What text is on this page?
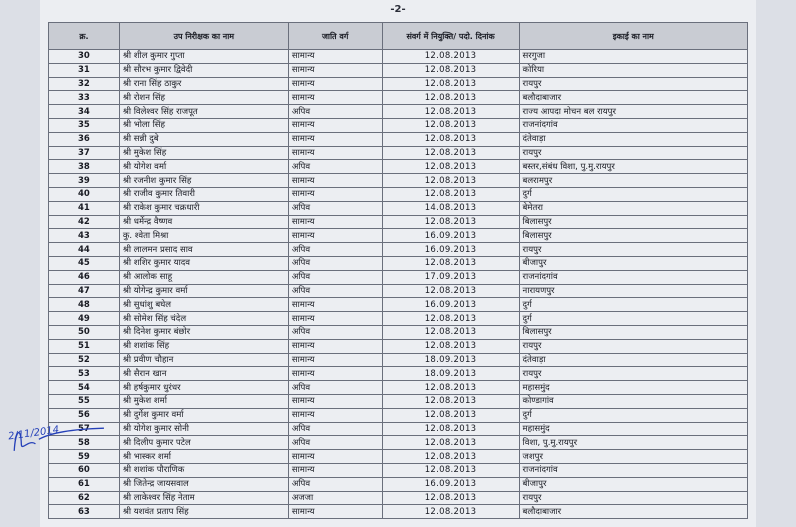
-2-
क्र.	उप निरीक्षक का नाम	जाति वर्ग	संवर्ग में नियुक्ति/ पदो. दिनांक	इकाई का नाम
30	श्री शील कुमार गुप्ता	सामान्य	12.08.2013	सरगुजा
31	श्री सौरभ कुमार द्विवेदी	सामान्य	12.08.2013	कोरिया
32	श्री राना सिंह ठाकुर	सामान्य	12.08.2013	रायपुर
33	श्री रोशन सिंह	सामान्य	12.08.2013	बलौदाबाजार
34	श्री विलेश्वर सिंह राजपूत	अपिव	12.08.2013	राज्य आपदा मोचन बल रायपुर
35	श्री भोला सिंह	सामान्य	12.08.2013	राजनांदगांव
36	श्री सन्नी दुबे	सामान्य	12.08.2013	दंतेवाड़ा
37	श्री मुकेश सिंह	सामान्य	12.08.2013	रायपुर
38	श्री योगेश वर्मा	अपिव	12.08.2013	बस्तर,संबंध विशा, पु.मु.रायपुर
39	श्री रजनीश कुमार सिंह	सामान्य	12.08.2013	बलरामपुर
40	श्री राजीव कुमार तिवारी	सामान्य	12.08.2013	दुर्ग
41	श्री राकेश कुमार चक्रधारी	अपिव	14.08.2013	बेमेतरा
42	श्री धर्मेन्द्र वैष्णव	सामान्य	12.08.2013	बिलासपुर
43	कु. श्वेता मिश्रा	सामान्य	16.09.2013	बिलासपुर
44	श्री लालमन प्रसाद साव	अपिव	16.09.2013	रायपुर
45	श्री शशिर कुमार यादव	अपिव	12.08.2013	बीजापुर
46	श्री आलोक साहू	अपिव	17.09.2013	राजनांदगांव
47	श्री योगेन्द्र कुमार वर्मा	अपिव	12.08.2013	नारायणपुर
48	श्री सुधांशु बघेल	सामान्य	16.09.2013	दुर्ग
49	श्री सोमेश सिंह चंदेल	सामान्य	12.08.2013	दुर्ग
50	श्री दिनेश कुमार बंछोर	अपिव	12.08.2013	बिलासपुर
51	श्री शशांक सिंह	सामान्य	12.08.2013	रायपुर
52	श्री प्रवीण चौहान	सामान्य	18.09.2013	दंतेवाड़ा
53	श्री सैरान खान	सामान्य	18.09.2013	रायपुर
54	श्री हर्षकुमार धुरंधर	अपिव	12.08.2013	महासमुंद
55	श्री मुकेश शर्मा	सामान्य	12.08.2013	कोण्डागांव
56	श्री दुर्गेश कुमार वर्मा	सामान्य	12.08.2013	दुर्ग
57	श्री योगेश कुमार सोनी	अपिव	12.08.2013	महासमुंद
58	श्री दिलीप कुमार पटेल	अपिव	12.08.2013	विशा, पु.मु.रायपुर
59	श्री भास्कर शर्मा	सामान्य	12.08.2013	जशपुर
60	श्री शशांक पौराणिक	सामान्य	12.08.2013	राजनांदगांव
61	श्री जितेन्द्र जायसवाल	अपिव	16.09.2013	बीजापुर
62	श्री लाकेश्वर सिंह नेताम	अजजा	12.08.2013	रायपुर
63	श्री यशवंत प्रताप सिंह	सामान्य	12.08.2013	बलौदाबाजार
2/11/2014
